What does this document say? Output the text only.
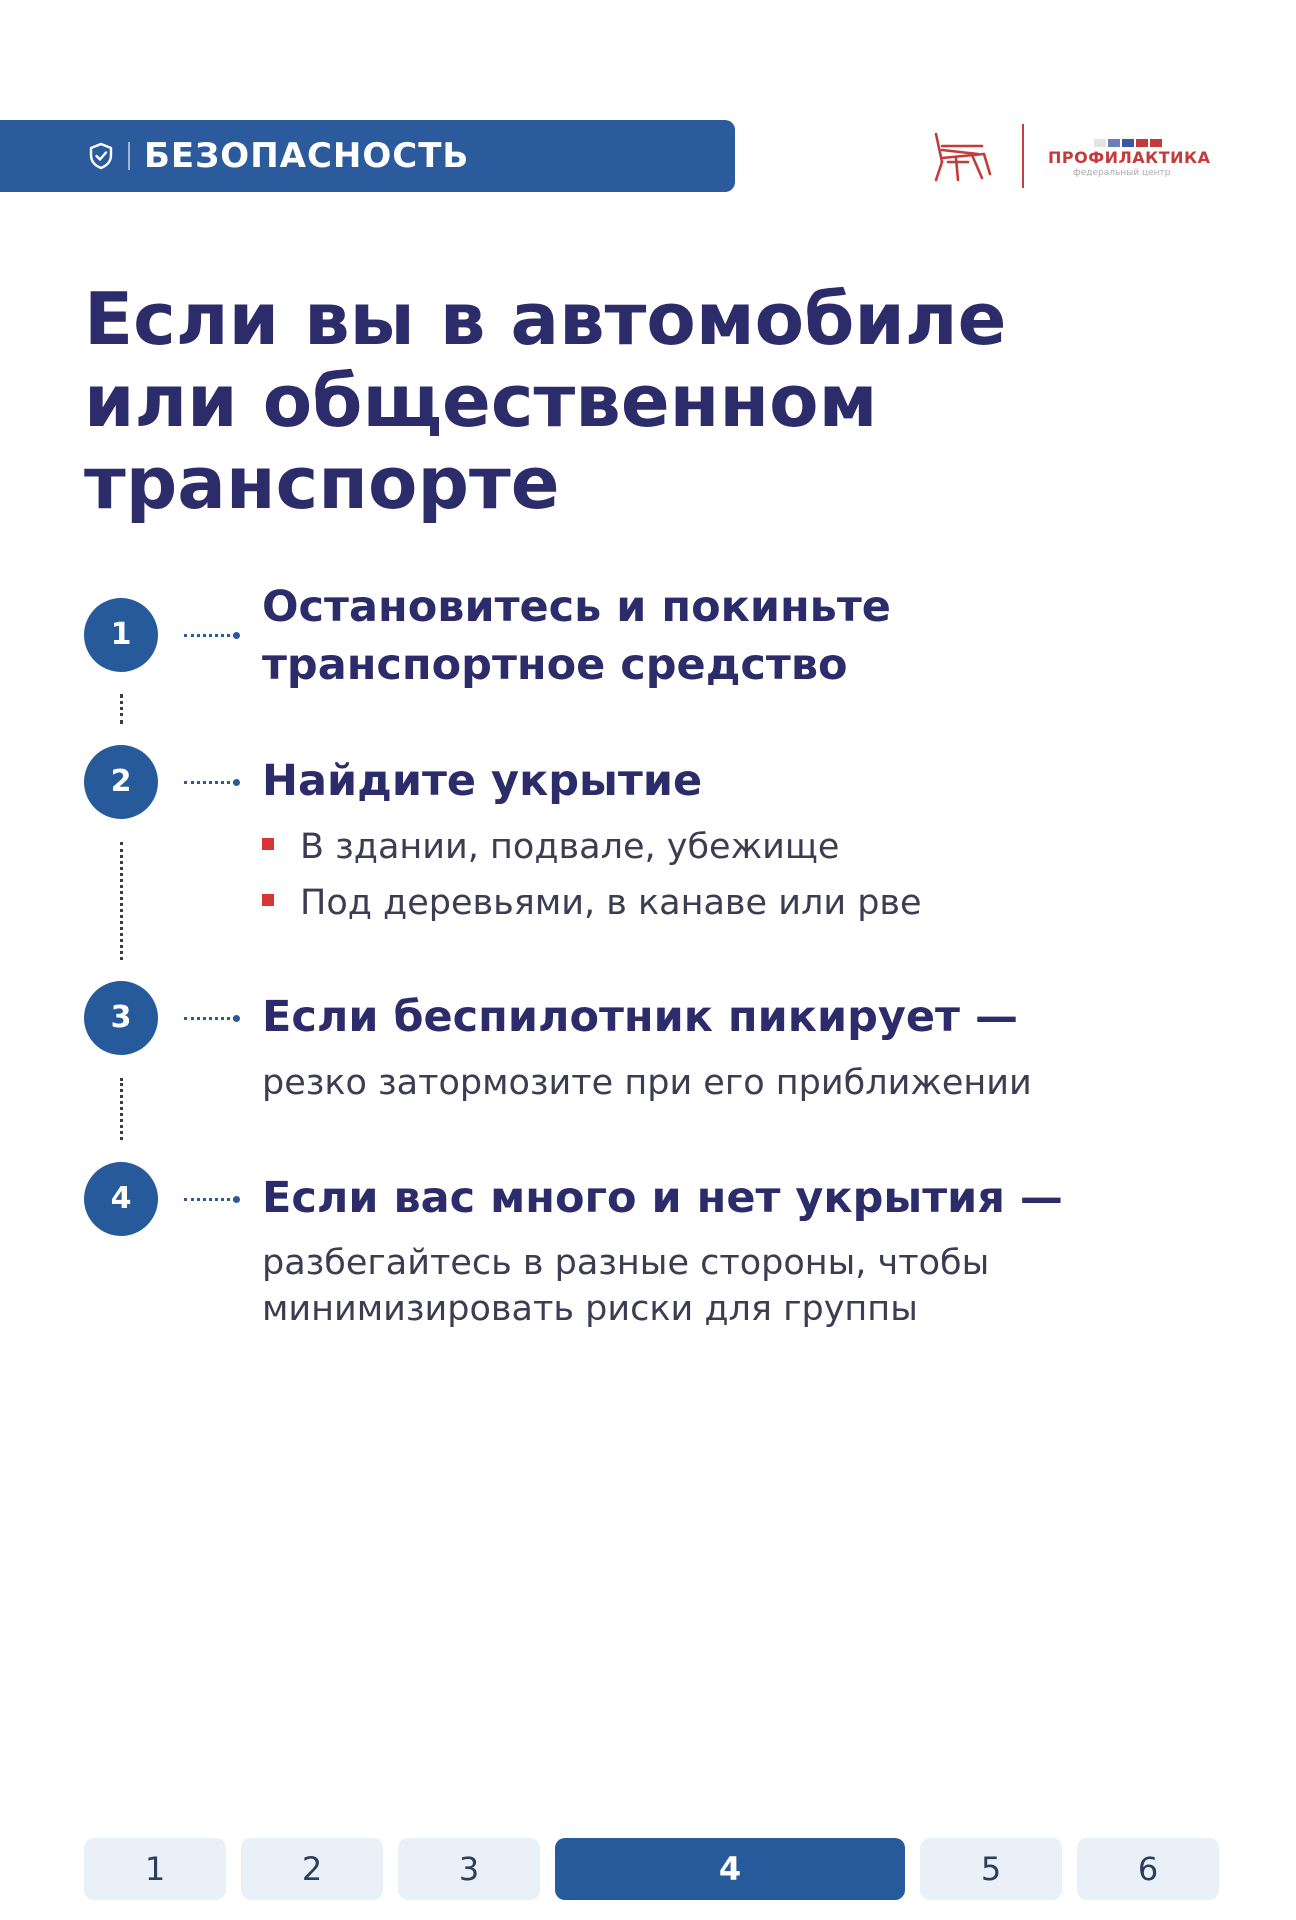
БЕЗОПАСНОСТЬ	ПРОФИЛАКТИКА
федеральный центр
Если вы в автомобиле
или общественном
транспорте
1
Остановитесь и покиньте
транспортное средство
2	Найдите укрытие
В здании, подвале, убежище
Под деревьями, в канаве или рве
3	Если беспилотник пикирует —
резко затормозите при его приближении
4	Если вас много и нет укрытия —
разбегайтесь в разные стороны, чтобы
минимизировать риски для группы
1	2	3	4	5	6
